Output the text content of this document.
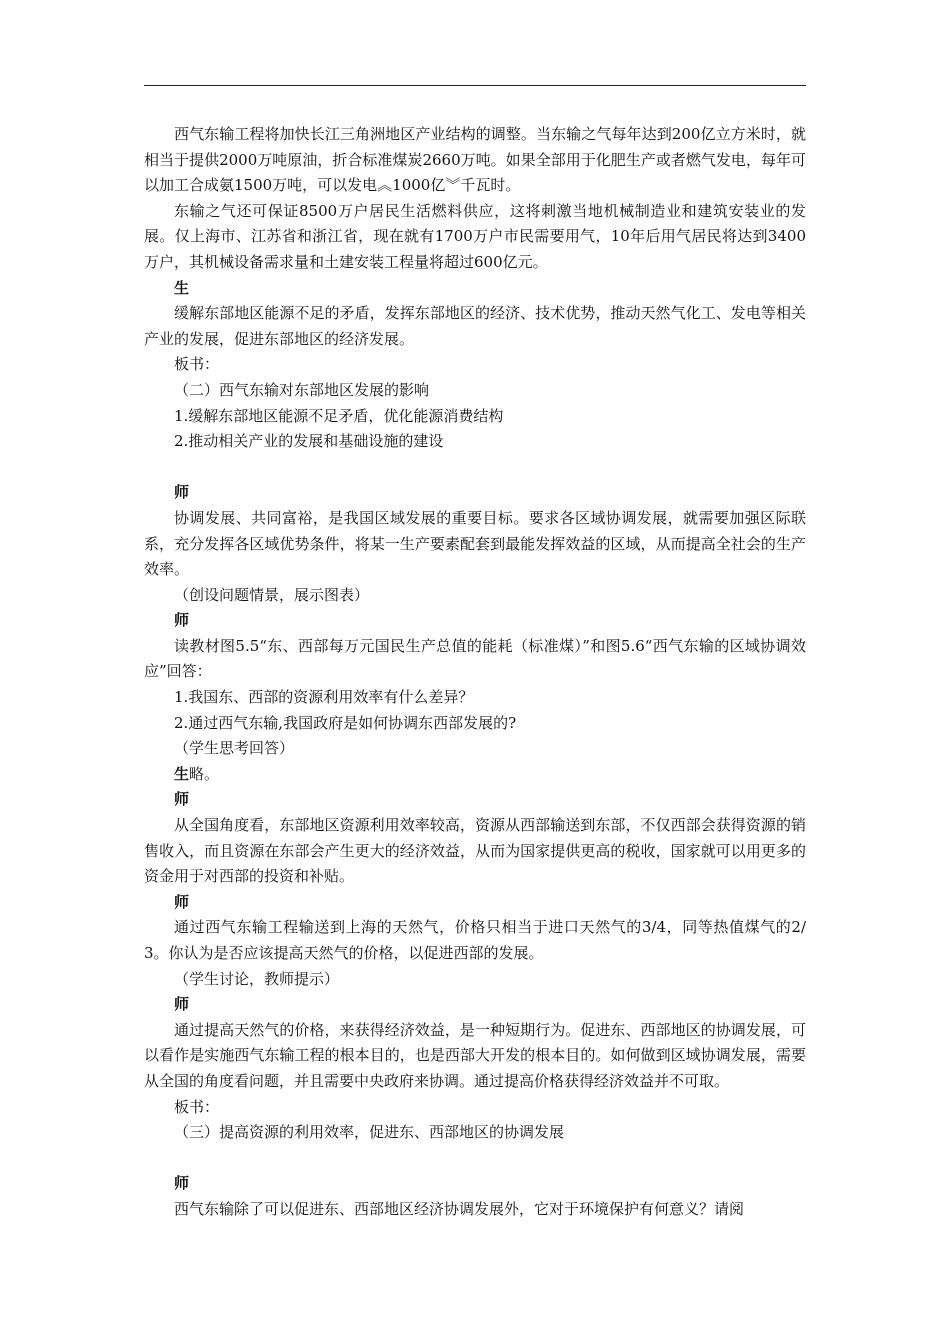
西气东输工程将加快长江三角洲地区产业结构的调整。当东输之气每年达到200亿立方米时，就相当于提供2000万吨原油，折合标准煤炭2660万吨。如果全部用于化肥生产或者燃气发电，每年可以加工合成氨1500万吨，可以发电︽1000亿︾千瓦时。

东输之气还可保证8500万户居民生活燃料供应，这将刺激当地机械制造业和建筑安装业的发展。仅上海市、江苏省和浙江省，现在就有1700万户市民需要用气，10年后用气居民将达到3400万户，其机械设备需求量和土建安装工程量将超过600亿元。

生

缓解东部地区能源不足的矛盾，发挥东部地区的经济、技术优势，推动天然气化工、发电等相关产业的发展，促进东部地区的经济发展。

板书：

（二）西气东输对东部地区发展的影响

1.缓解东部地区能源不足矛盾，优化能源消费结构

2.推动相关产业的发展和基础设施的建设

师

协调发展、共同富裕，是我国区域发展的重要目标。要求各区域协调发展，就需要加强区际联系，充分发挥各区域优势条件，将某一生产要素配套到最能发挥效益的区域，从而提高全社会的生产效率。

（创设问题情景，展示图表）

师

读教材图5.5“东、西部每万元国民生产总值的能耗（标准煤）”和图5.6“西气东输的区域协调效应”回答：

1.我国东、西部的资源利用效率有什么差异？

2.通过西气东输,我国政府是如何协调东西部发展的?

（学生思考回答）

生略。

师

从全国角度看，东部地区资源利用效率较高，资源从西部输送到东部，不仅西部会获得资源的销售收入，而且资源在东部会产生更大的经济效益，从而为国家提供更高的税收，国家就可以用更多的资金用于对西部的投资和补贴。

师

通过西气东输工程输送到上海的天然气，价格只相当于进口天然气的3/4，同等热值煤气的2/3。你认为是否应该提高天然气的价格，以促进西部的发展。

（学生讨论，教师提示）

师

通过提高天然气的价格，来获得经济效益，是一种短期行为。促进东、西部地区的协调发展，可以看作是实施西气东输工程的根本目的，也是西部大开发的根本目的。如何做到区域协调发展，需要从全国的角度看问题，并且需要中央政府来协调。通过提高价格获得经济效益并不可取。

板书：

（三）提高资源的利用效率，促进东、西部地区的协调发展

师

西气东输除了可以促进东、西部地区经济协调发展外，它对于环境保护有何意义？请阅
